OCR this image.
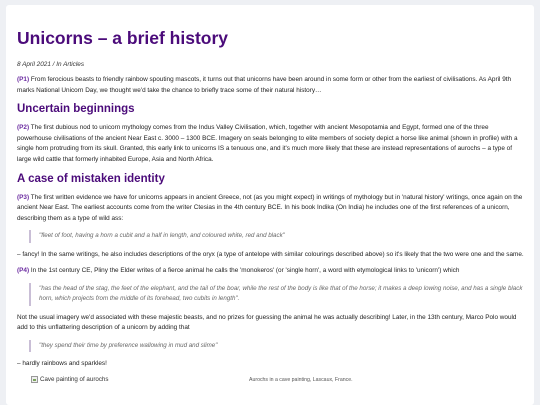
Unicorns – a brief history
8 April 2021 / In Articles

(P1) From ferocious beasts to friendly rainbow spouting mascots, it turns out that unicorns have been around in some form or other from the earliest of civilisations. As April 9th marks National Unicorn Day, we thought we'd take the chance to briefly trace some of their natural history…

Uncertain beginnings

(P2) The first dubious nod to unicorn mythology comes from the Indus Valley Civilisation, which, together with ancient Mesopotamia and Egypt, formed one of the three powerhouse civilisations of the ancient Near East c. 3000 – 1300 BCE. Imagery on seals belonging to elite members of society depict a horse like animal (shown in profile) with a single horn protruding from its skull. Granted, this early link to unicorns IS a tenuous one, and it's much more likely that these are instead representations of aurochs – a type of large wild cattle that formerly inhabited Europe, Asia and North Africa.

A case of mistaken identity

(P3) The first written evidence we have for unicorns appears in ancient Greece, not (as you might expect) in writings of mythology but in 'natural history' writings, once again on the ancient Near East. The earliest accounts come from the writer Ctesias in the 4th century BCE. In his book Indika (On India) he includes one of the first references of a unicorn, describing them as a type of wild ass:

"fleet of foot, having a horn a cubit and a half in length, and coloured white, red and black"

– fancy! In the same writings, he also includes descriptions of the oryx (a type of antelope with similar colourings described above) so it's likely that the two were one and the same.

(P4) In the 1st century CE, Pliny the Elder writes of a fierce animal he calls the 'monokeros' (or 'single horn', a word with etymological links to 'unicorn') which

"has the head of the stag, the feet of the elephant, and the tail of the boar, while the rest of the body is like that of the horse; it makes a deep lowing noise, and has a single black horn, which projects from the middle of its forehead, two cubits in length".

Not the usual imagery we'd associated with these majestic beasts, and no prizes for guessing the animal he was actually describing! Later, in the 13th century, Marco Polo would add to this unflattering description of a unicorn by adding that

"they spend their time by preference wallowing in mud and slime"

– hardly rainbows and sparkles!

Cave painting of aurochs	Aurochs in a cave painting, Lascaux, France.
